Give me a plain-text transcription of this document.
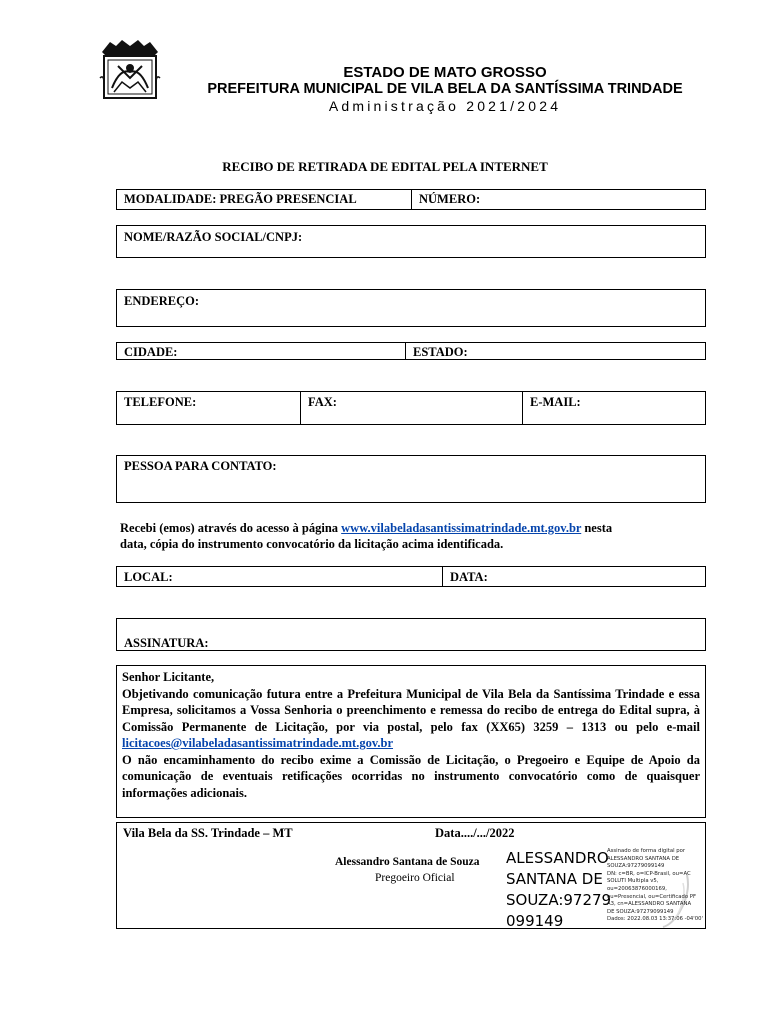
ESTADO DE MATO GROSSO
PREFEITURA MUNICIPAL DE VILA BELA DA SANTÍSSIMA TRINDADE
Administração 2021/2024
RECIBO DE RETIRADA DE EDITAL PELA INTERNET
MODALIDADE: PREGÃO PRESENCIAL	NÚMERO:
NOME/RAZÃO SOCIAL/CNPJ:
ENDEREÇO:
CIDADE:	ESTADO:
TELEFONE:	FAX:	E-MAIL:
PESSOA PARA CONTATO:
Recebi (emos) através do acesso à página www.vilabeladasantissimatrindade.mt.gov.br nesta
data, cópia do instrumento convocatório da licitação acima identificada.
LOCAL:	DATA:
ASSINATURA:

Senhor Licitante,

Objetivando comunicação futura entre a Prefeitura Municipal de Vila Bela da Santíssima Trindade e essa Empresa, solicitamos a Vossa Senhoria o preenchimento e remessa do recibo de entrega do Edital supra, à Comissão Permanente de Licitação, por via postal, pelo fax (XX65) 3259 – 1313 ou pelo e-mail

licitacoes@vilabeladasantissimatrindade.mt.gov.br

O não encaminhamento do recibo exime a Comissão de Licitação, o Pregoeiro e Equipe de Apoio da comunicação de eventuais retificações ocorridas no instrumento convocatório como de quaisquer informações adicionais.

Vila Bela da SS. Trindade – MT	Data..../.../2022
Alessandro Santana de Souza
Pregoeiro Oficial
ALESSANDRO
SANTANA DE
SOUZA:97279
099149
Assinado de forma digital por
ALESSANDRO SANTANA DE
SOUZA:97279099149
DN: c=BR, o=ICP-Brasil, ou=AC
SOLUTI Multipla v5,
ou=20063876000169,
ou=Presencial, ou=Certificado PF
A3, cn=ALESSANDRO SANTANA
DE SOUZA:97279099149
Dados: 2022.08.03 13:37:06 -04'00'
